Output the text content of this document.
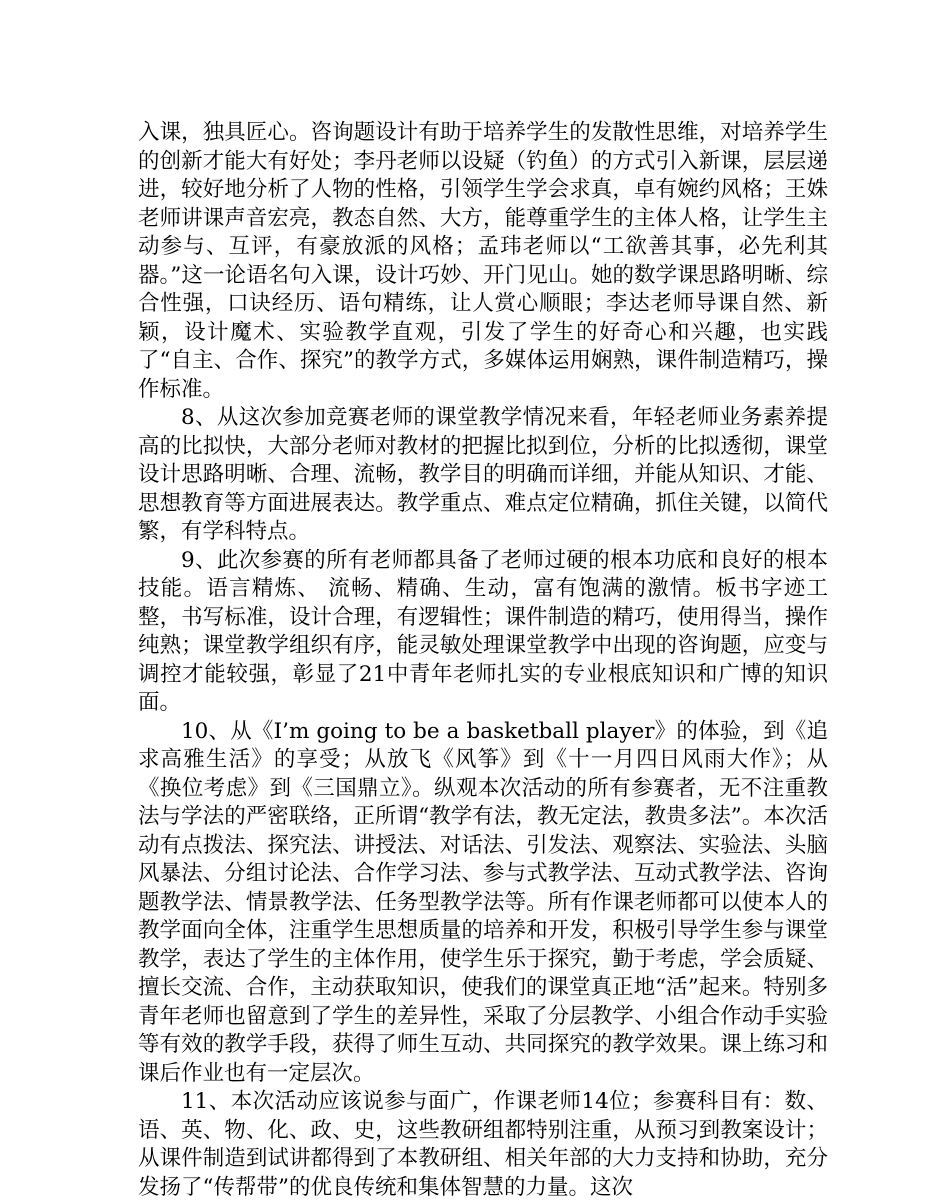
入课，独具匠心。咨询题设计有助于培养学生的发散性思维，对培养学生的创新才能大有好处；李丹老师以设疑（钓鱼）的方式引入新课，层层递进，较好地分析了人物的性格，引领学生学会求真，卓有婉约风格；王姝老师讲课声音宏亮，教态自然、大方，能尊重学生的主体人格，让学生主动参与、互评，有豪放派的风格；孟玮老师以“工欲善其事，必先利其器。”这一论语名句入课，设计巧妙、开门见山。她的数学课思路明晰、综合性强，口诀经历、语句精练，让人赏心顺眼；李达老师导课自然、新颖，设计魔术、实验教学直观，引发了学生的好奇心和兴趣，也实践了“自主、合作、探究”的教学方式，多媒体运用娴熟，课件制造精巧，操作标准。

8、从这次参加竞赛老师的课堂教学情况来看，年轻老师业务素养提高的比拟快，大部分老师对教材的把握比拟到位，分析的比拟透彻，课堂设计思路明晰、合理、流畅，教学目的明确而详细，并能从知识、才能、思想教育等方面进展表达。教学重点、难点定位精确，抓住关键，以简代繁，有学科特点。

9、此次参赛的所有老师都具备了老师过硬的根本功底和良好的根本技能。语言精炼、 流畅、精确、生动，富有饱满的激情。板书字迹工整，书写标准，设计合理，有逻辑性；课件制造的精巧，使用得当，操作纯熟；课堂教学组织有序，能灵敏处理课堂教学中出现的咨询题，应变与调控才能较强，彰显了21中青年老师扎实的专业根底知识和广博的知识面。

10、从《I’m going to be a basketball player》的体验，到《追求高雅生活》的享受；从放飞《风筝》到《十一月四日风雨大作》；从《换位考虑》到《三国鼎立》。纵观本次活动的所有参赛者，无不注重教法与学法的严密联络，正所谓“教学有法，教无定法，教贵多法”。本次活动有点拨法、探究法、讲授法、对话法、引发法、观察法、实验法、头脑风暴法、分组讨论法、合作学习法、参与式教学法、互动式教学法、咨询题教学法、情景教学法、任务型教学法等。所有作课老师都可以使本人的教学面向全体，注重学生思想质量的培养和开发，积极引导学生参与课堂教学，表达了学生的主体作用，使学生乐于探究，勤于考虑，学会质疑、擅长交流、合作，主动获取知识，使我们的课堂真正地“活”起来。特别多青年老师也留意到了学生的差异性，采取了分层教学、小组合作动手实验等有效的教学手段，获得了师生互动、共同探究的教学效果。课上练习和课后作业也有一定层次。

11、本次活动应该说参与面广，作课老师14位；参赛科目有：数、语、英、物、化、政、史，这些教研组都特别注重，从预习到教案设计；从课件制造到试讲都得到了本教研组、相关年部的大力支持和协助，充分发扬了“传帮带”的优良传统和集体智慧的力量。这次
